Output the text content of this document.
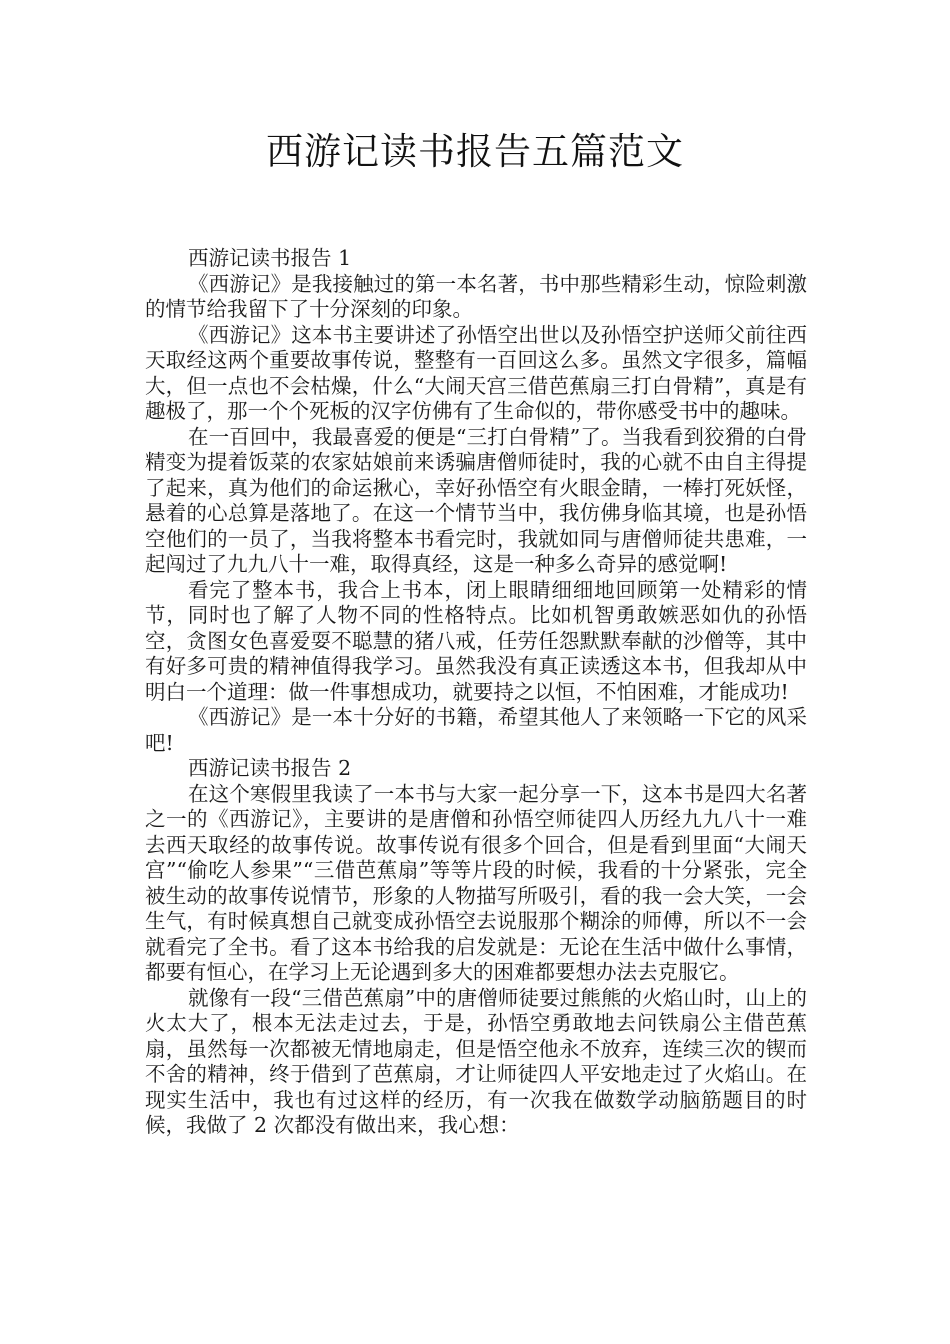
西游记读书报告五篇范文

西游记读书报告 1

《西游记》是我接触过的第一本名著，书中那些精彩生动，惊险刺激的情节给我留下了十分深刻的印象。

《西游记》这本书主要讲述了孙悟空出世以及孙悟空护送师父前往西天取经这两个重要故事传说，整整有一百回这么多。虽然文字很多，篇幅大，但一点也不会枯燥，什么“大闹天宫三借芭蕉扇三打白骨精”，真是有趣极了，那一个个死板的汉字仿佛有了生命似的，带你感受书中的趣味。

在一百回中，我最喜爱的便是“三打白骨精”了。当我看到狡猾的白骨精变为提着饭菜的农家姑娘前来诱骗唐僧师徒时，我的心就不由自主得提了起来，真为他们的命运揪心，幸好孙悟空有火眼金睛，一棒打死妖怪，悬着的心总算是落地了。在这一个情节当中，我仿佛身临其境，也是孙悟空他们的一员了，当我将整本书看完时，我就如同与唐僧师徒共患难，一起闯过了九九八十一难，取得真经，这是一种多么奇异的感觉啊!

看完了整本书，我合上书本，闭上眼睛细细地回顾第一处精彩的情节，同时也了解了人物不同的性格特点。比如机智勇敢嫉恶如仇的孙悟空，贪图女色喜爱耍不聪慧的猪八戒，任劳任怨默默奉献的沙僧等，其中有好多可贵的精神值得我学习。虽然我没有真正读透这本书，但我却从中明白一个道理：做一件事想成功，就要持之以恒，不怕困难，才能成功!

《西游记》是一本十分好的书籍，希望其他人了来领略一下它的风采吧!

西游记读书报告 2

在这个寒假里我读了一本书与大家一起分享一下，这本书是四大名著之一的《西游记》，主要讲的是唐僧和孙悟空师徒四人历经九九八十一难去西天取经的故事传说。故事传说有很多个回合，但是看到里面“大闹天宫”“偷吃人参果”“三借芭蕉扇”等等片段的时候，我看的十分紧张，完全被生动的故事传说情节，形象的人物描写所吸引，看的我一会大笑，一会生气，有时候真想自己就变成孙悟空去说服那个糊涂的师傅，所以不一会就看完了全书。看了这本书给我的启发就是：无论在生活中做什么事情，都要有恒心，在学习上无论遇到多大的困难都要想办法去克服它。

就像有一段“三借芭蕉扇”中的唐僧师徒要过熊熊的火焰山时，山上的火太大了，根本无法走过去，于是，孙悟空勇敢地去问铁扇公主借芭蕉扇，虽然每一次都被无情地扇走，但是悟空他永不放弃，连续三次的锲而不舍的精神，终于借到了芭蕉扇，才让师徒四人平安地走过了火焰山。在现实生活中，我也有过这样的经历，有一次我在做数学动脑筋题目的时候，我做了 2 次都没有做出来，我心想：
